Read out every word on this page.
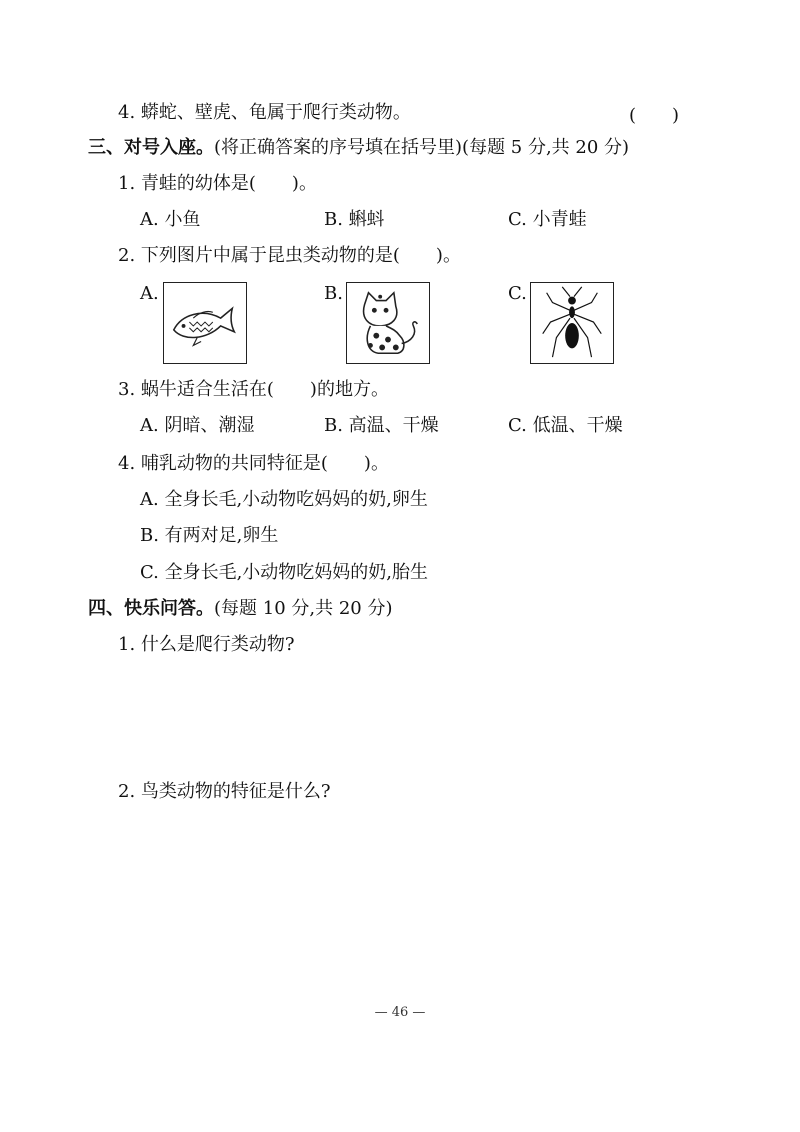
4. 蟒蛇、壁虎、龟属于爬行类动物。	(　　)
三、对号入座。(将正确答案的序号填在括号里)(每题 5 分,共 20 分)
1. 青蛙的幼体是(　　)。
A. 小鱼	B. 蝌蚪	C. 小青蛙
2. 下列图片中属于昆虫类动物的是(　　)。
A.	B.	C.
3. 蜗牛适合生活在(　　)的地方。
A. 阴暗、潮湿	B. 高温、干燥	C. 低温、干燥
4. 哺乳动物的共同特征是(　　)。
A. 全身长毛,小动物吃妈妈的奶,卵生
B. 有两对足,卵生
C. 全身长毛,小动物吃妈妈的奶,胎生
四、快乐问答。(每题 10 分,共 20 分)
1. 什么是爬行类动物?
2. 鸟类动物的特征是什么?
— 46 —
